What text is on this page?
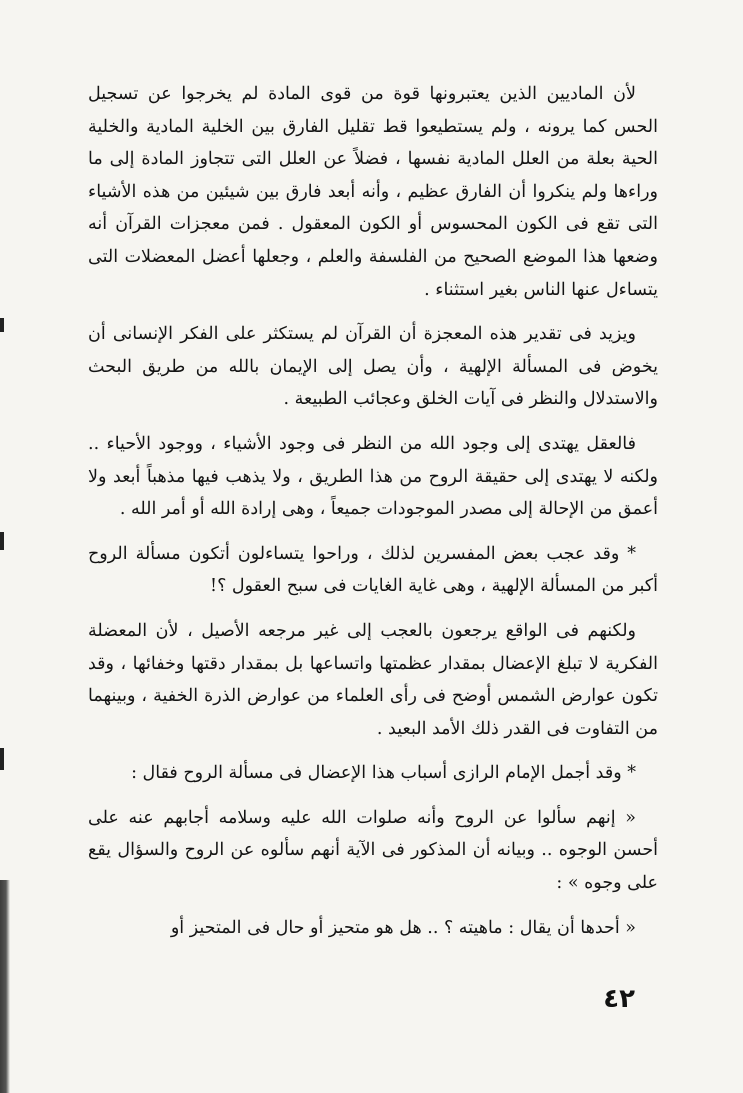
لأن الماديين الذين يعتبرونها قوة من قوى المادة لم يخرجوا عن تسجيل الحس كما يرونه ، ولم يستطيعوا قط تقليل الفارق بين الخلية المادية والخلية الحية بعلة من العلل المادية نفسها ، فضلاً عن العلل التى تتجاوز المادة إلى ما وراءها ولم ينكروا أن الفارق عظيم ، وأنه أبعد فارق بين شيئين من هذه الأشياء التى تقع فى الكون المحسوس أو الكون المعقول . فمن معجزات القرآن أنه وضعها هذا الموضع الصحيح من الفلسفة والعلم ، وجعلها أعضل المعضلات التى يتساءل عنها الناس بغير استثناء .

ويزيد فى تقدير هذه المعجزة أن القرآن لم يستكثر على الفكر الإنسانى أن يخوض فى المسألة الإلهية ، وأن يصل إلى الإيمان بالله من طريق البحث والاستدلال والنظر فى آيات الخلق وعجائب الطبيعة .

فالعقل يهتدى إلى وجود الله من النظر فى وجود الأشياء ، ووجود الأحياء .. ولكنه لا يهتدى إلى حقيقة الروح من هذا الطريق ، ولا يذهب فيها مذهباً أبعد ولا أعمق من الإحالة إلى مصدر الموجودات جميعاً ، وهى إرادة الله أو أمر الله .

* وقد عجب بعض المفسرين لذلك ، وراحوا يتساءلون أتكون مسألة الروح أكبر من المسألة الإلهية ، وهى غاية الغايات فى سبح العقول ؟!

ولكنهم فى الواقع يرجعون بالعجب إلى غير مرجعه الأصيل ، لأن المعضلة الفكرية لا تبلغ الإعضال بمقدار عظمتها واتساعها بل بمقدار دقتها وخفائها ، وقد تكون عوارض الشمس أوضح فى رأى العلماء من عوارض الذرة الخفية ، وبينهما من التفاوت فى القدر ذلك الأمد البعيد .

* وقد أجمل الإمام الرازى أسباب هذا الإعضال فى مسألة الروح فقال :

« إنهم سألوا عن الروح وأنه صلوات الله عليه وسلامه أجابهم عنه على أحسن الوجوه .. وبيانه أن المذكور فى الآية أنهم سألوه عن الروح والسؤال يقع على وجوه » :

« أحدها أن يقال : ماهيته ؟ .. هل هو متحيز أو حال فى المتحيز أو

٤٢
